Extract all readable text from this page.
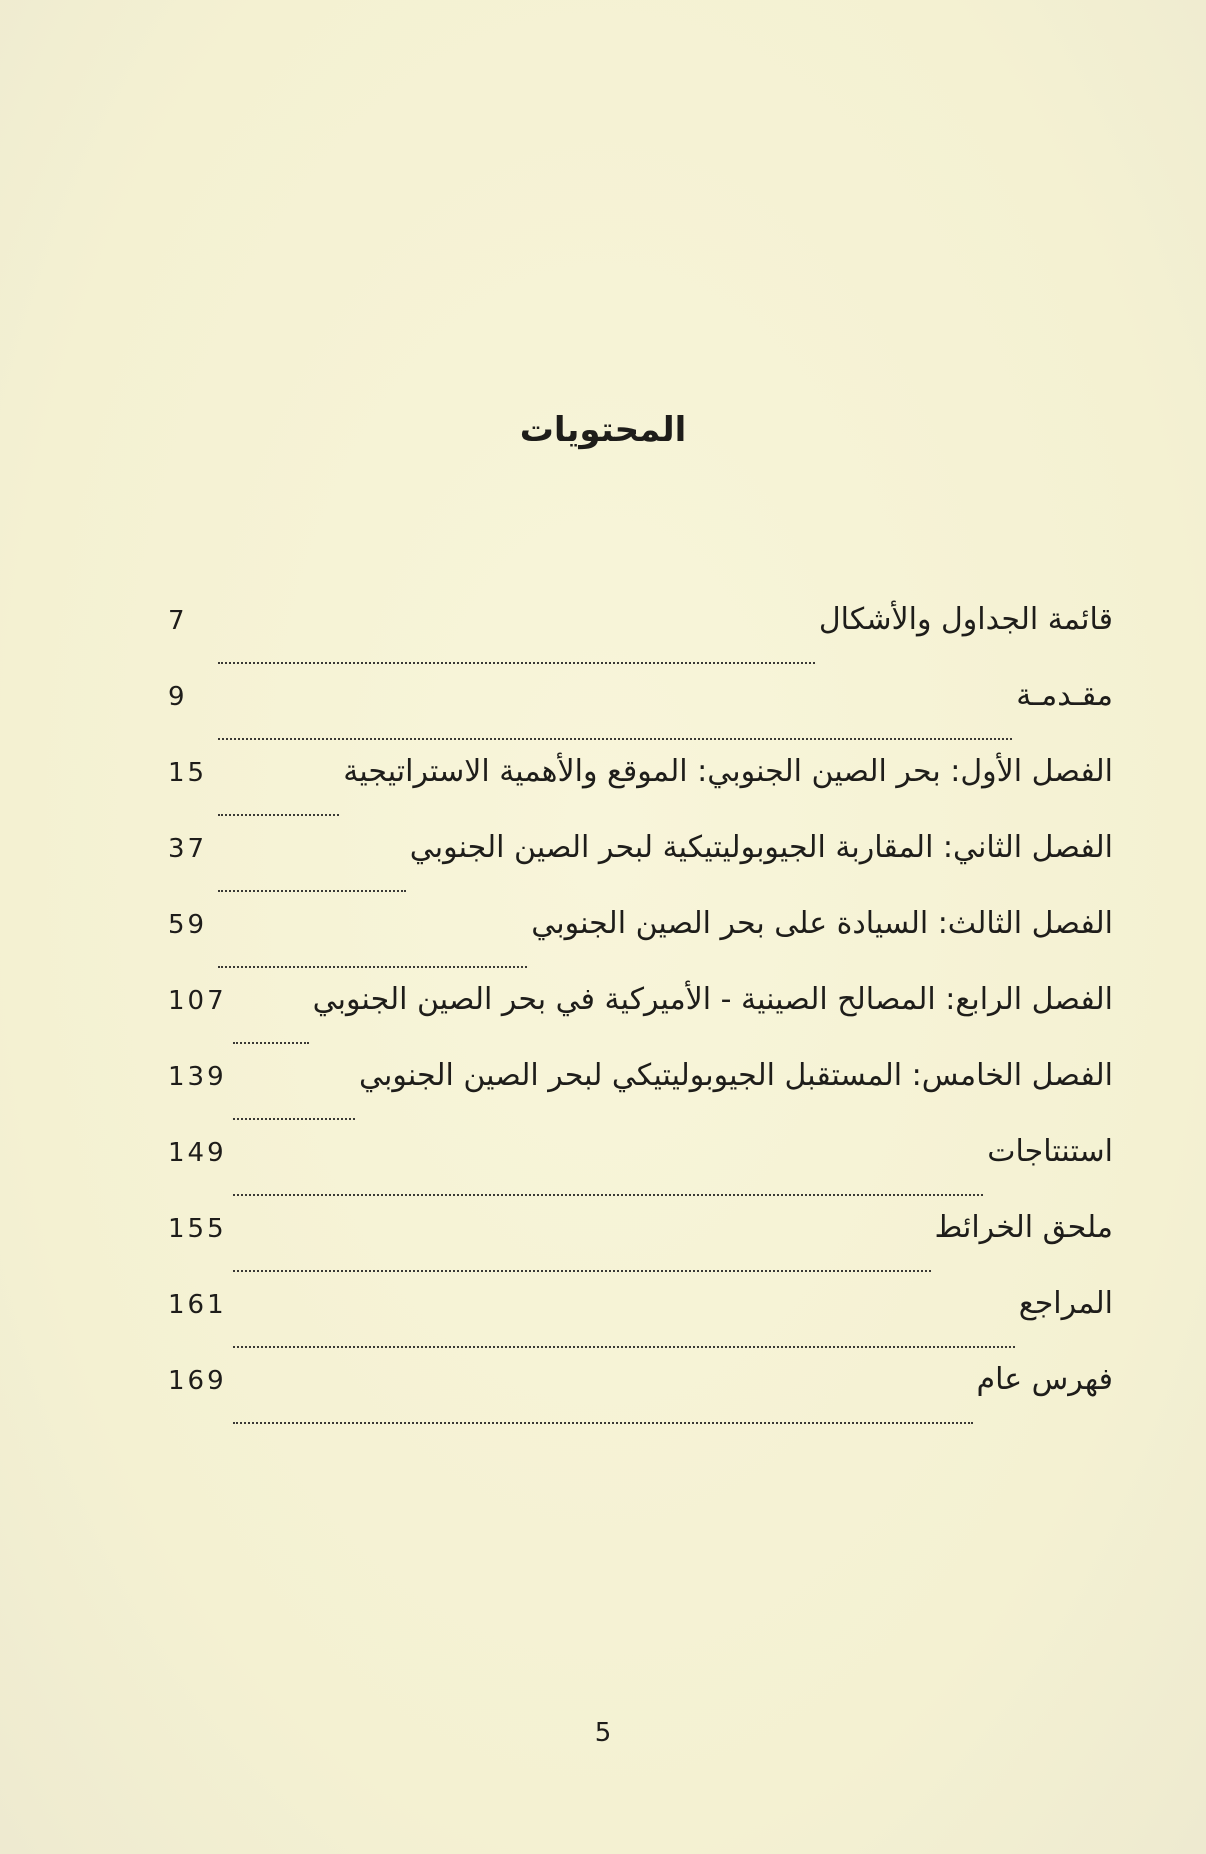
المحتويات
قائمة الجداول والأشكال
7
مقـدمـة
9
الفصل الأول: بحر الصين الجنوبي: الموقع والأهمية الاستراتيجية
15
الفصل الثاني: المقاربة الجيوبوليتيكية لبحر الصين الجنوبي
37
الفصل الثالث: السيادة على بحر الصين الجنوبي
59
الفصل الرابع: المصالح الصينية - الأميركية في بحر الصين الجنوبي
107
الفصل الخامس: المستقبل الجيوبوليتيكي لبحر الصين الجنوبي
139
استنتاجات
149
ملحق الخرائط
155
المراجع
161
فهرس عام
169
5
